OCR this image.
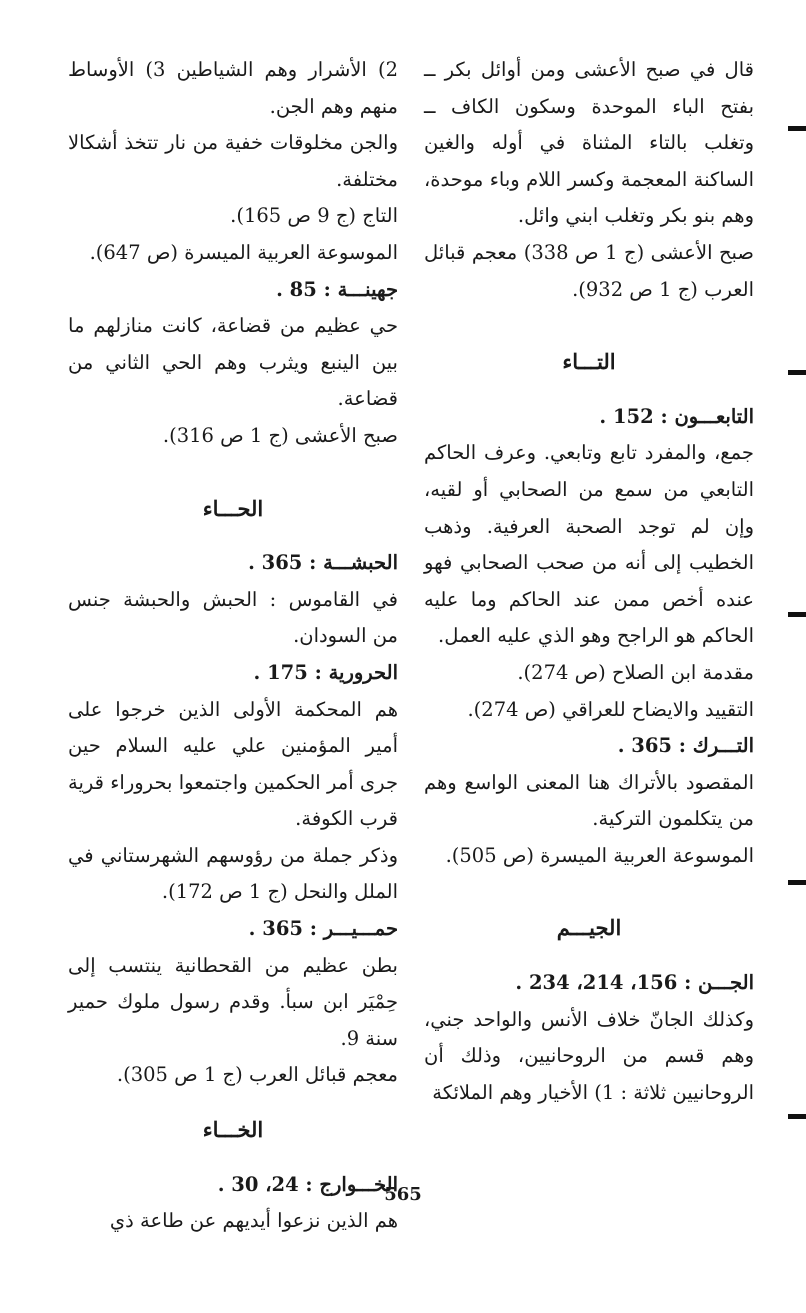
قال في صبح الأعشى ومن أوائل بكر ــ بفتح الباء الموحدة وسكون الكاف ــ وتغلب بالتاء المثناة في أوله والغين الساكنة المعجمة وكسر اللام وباء موحدة، وهم بنو بكر وتغلب ابني وائل.

صبح الأعشى (ج 1 ص 338) معجم قبائل العرب (ج 1 ص 932).

التـــاء

التابعـــون : 152 .

جمع، والمفرد تابع وتابعي. وعرف الحاكم التابعي من سمع من الصحابي أو لقيه، وإن لم توجد الصحبة العرفية. وذهب الخطيب إلى أنه من صحب الصحابي فهو عنده أخص ممن عند الحاكم وما عليه الحاكم هو الراجح وهو الذي عليه العمل.

مقدمة ابن الصلاح (ص 274).

التقييد والايضاح للعراقي (ص 274).

التـــرك : 365 .

المقصود بالأتراك هنا المعنى الواسع وهم من يتكلمون التركية.

الموسوعة العربية الميسرة (ص 505).

الجيـــم

الجـــن : 156، 214، 234 .

وكذلك الجانّ خلاف الأنس والواحد جني، وهم قسم من الروحانيين، وذلك أن الروحانيين ثلاثة : 1) الأخيار وهم الملائكة

2) الأشرار وهم الشياطين 3) الأوساط منهم وهم الجن.

والجن مخلوقات خفية من نار تتخذ أشكالا مختلفة.

التاج (ج 9 ص 165).

الموسوعة العربية الميسرة (ص 647).

جهينـــة : 85 .

حي عظيم من قضاعة، كانت منازلهم ما بين الينبع ويثرب وهم الحي الثاني من قضاعة.

صبح الأعشى (ج 1 ص 316).

الحـــاء

الحبشـــة : 365 .

في القاموس : الحبش والحبشة جنس من السودان.

الحرورية : 175 .

هم المحكمة الأولى الذين خرجوا على أمير المؤمنين علي عليه السلام حين جرى أمر الحكمين واجتمعوا بحروراء قرية قرب الكوفة.

وذكر جملة من رؤوسهم الشهرستاني في الملل والنحل (ج 1 ص 172).

حمـــيـــر : 365 .

بطن عظيم من القحطانية ينتسب إلى حِمْيَر ابن سبأ. وقدم رسول ملوك حمير سنة 9.

معجم قبائل العرب (ج 1 ص 305).

الخـــاء

الخـــوارج : 24، 30 .

هم الذين نزعوا أيديهم عن طاعة ذي

565
